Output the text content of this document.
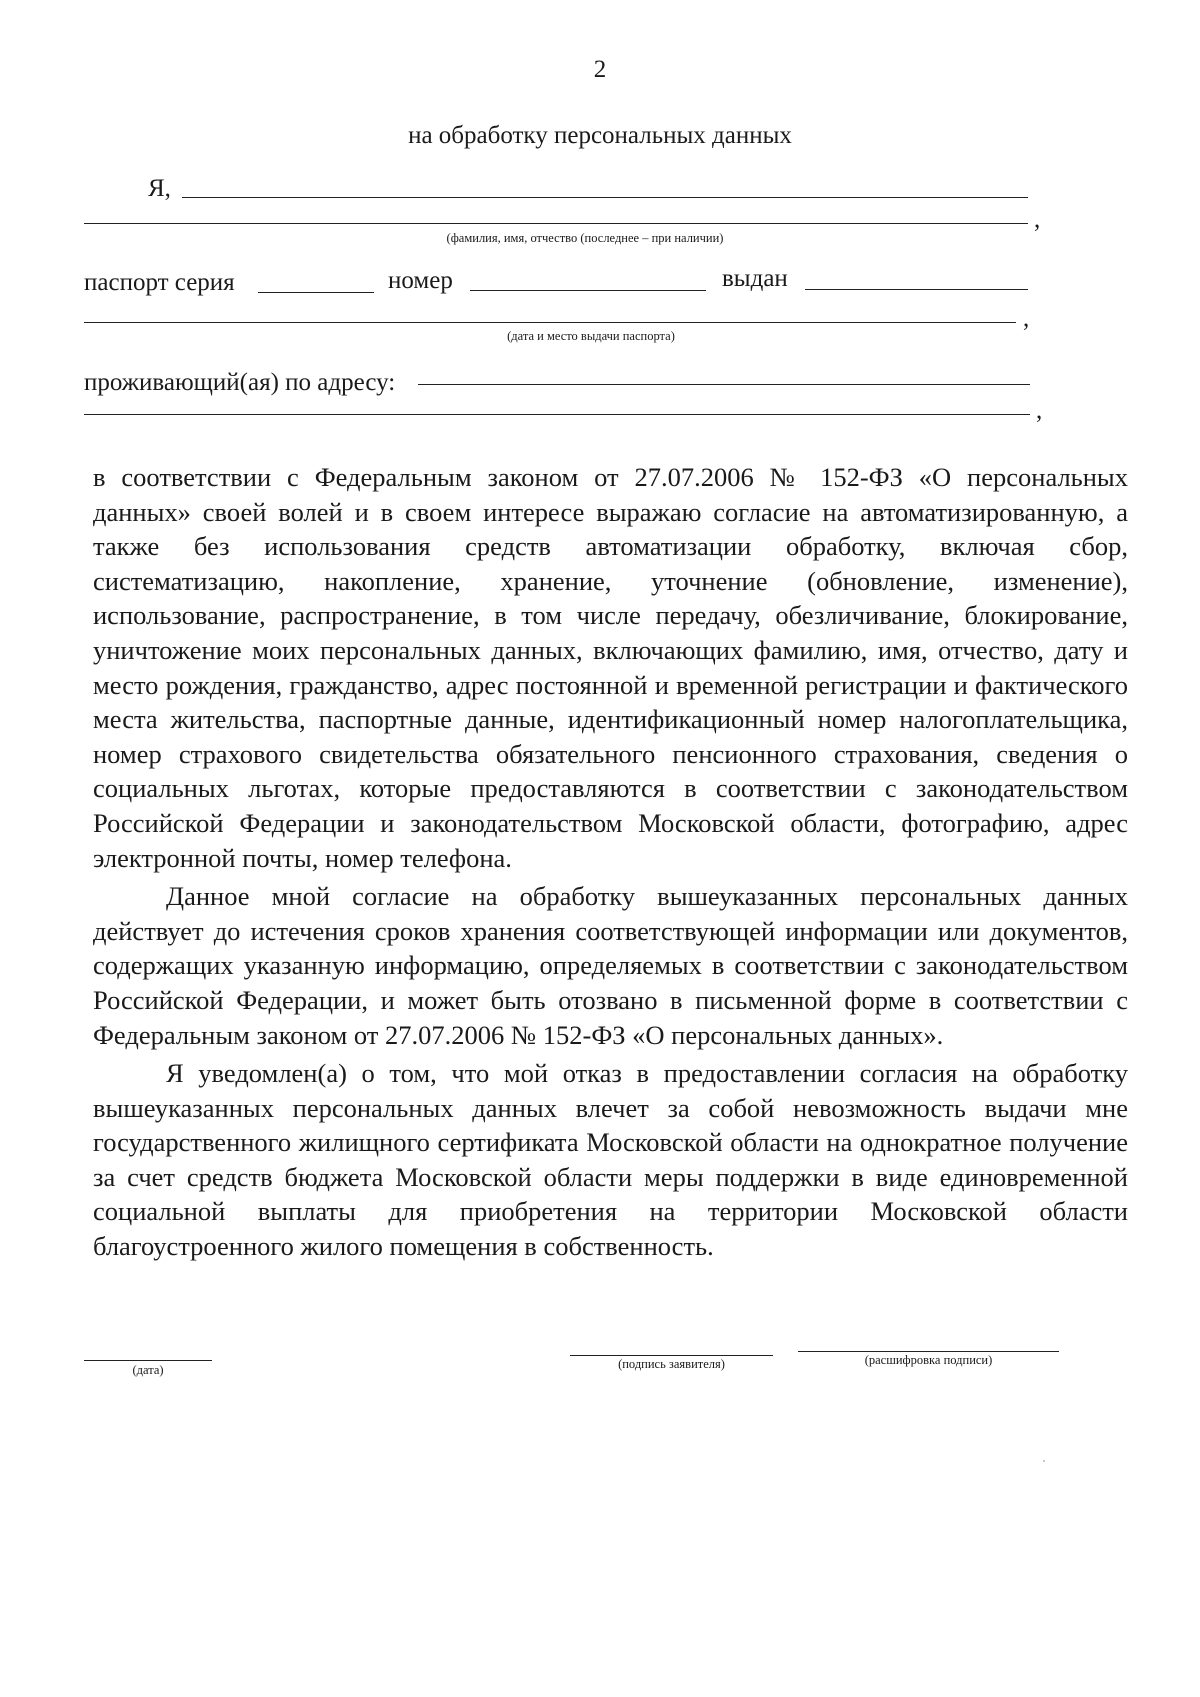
2
на обработку персональных данных
Я,
,
(фамилия, имя, отчество (последнее – при наличии)
паспорт серия	номер	выдан
,
(дата и место выдачи паспорта)
проживающий(ая) по адресу:
,

в соответствии с Федеральным законом от 27.07.2006 № 152-ФЗ «О персональных данных» своей волей и в своем интересе выражаю согласие на автоматизированную, а также без использования средств автоматизации обработку, включая сбор, систематизацию, накопление, хранение, уточнение (обновление, изменение), использование, распространение, в том числе передачу, обезличивание, блокирование, уничтожение моих персональных данных, включающих фамилию, имя, отчество, дату и место рождения, гражданство, адрес постоянной и временной регистрации и фактического места жительства, паспортные данные, идентификационный номер налогоплательщика, номер страхового свидетельства обязательного пенсионного страхования, сведения о социальных льготах, которые предоставляются в соответствии с законодательством Российской Федерации и законодательством Московской области, фотографию, адрес электронной почты, номер телефона.

Данное мной согласие на обработку вышеуказанных персональных данных действует до истечения сроков хранения соответствующей информации или документов, содержащих указанную информацию, определяемых в соответствии с законодательством Российской Федерации, и может быть отозвано в письменной форме в соответствии с Федеральным законом от 27.07.2006 № 152-ФЗ «О персональных данных».

Я уведомлен(а) о том, что мой отказ в предоставлении согласия на обработку вышеуказанных персональных данных влечет за собой невозможность выдачи мне государственного жилищного сертификата Московской области на однократное получение за счет средств бюджета Московской области меры поддержки в виде единовременной социальной выплаты для приобретения на территории Московской области благоустроенного жилого помещения в собственность.

(дата)	(подпись заявителя)	(расшифровка подписи)
